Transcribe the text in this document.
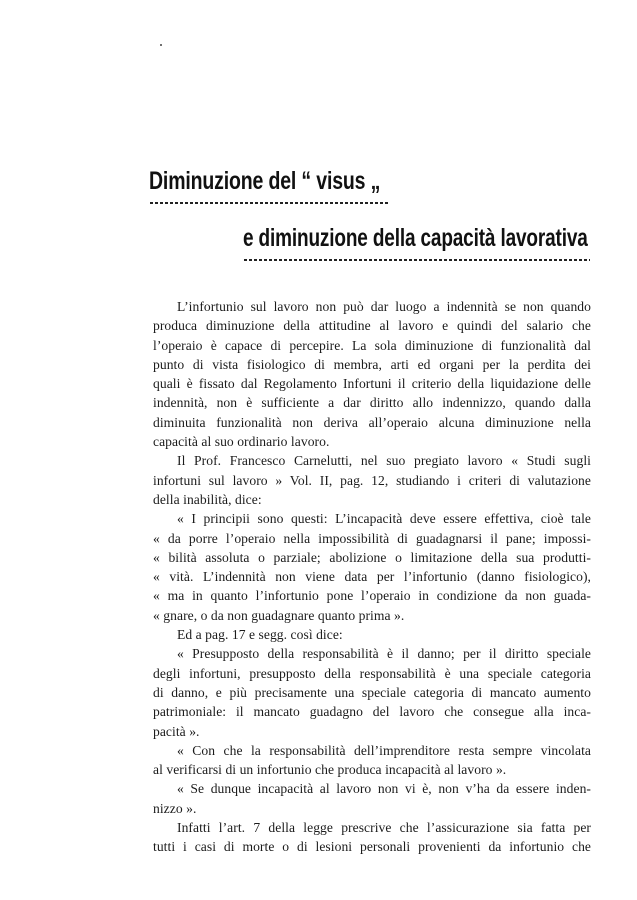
Diminuzione del “ visus „
e diminuzione della capacità lavorativa
L’infortunio sul lavoro non può dar luogo a indennità se non quando
produca diminuzione della attitudine al lavoro e quindi del salario che
l’operaio è capace di percepire. La sola diminuzione di funzionalità dal
punto di vista fisiologico di membra, arti ed organi per la perdita dei
quali è fissato dal Regolamento Infortuni il criterio della liquidazione delle
indennità, non è sufficiente a dar diritto allo indennizzo, quando dalla
diminuita funzionalità non deriva all’operaio alcuna diminuzione nella
capacità al suo ordinario lavoro.
Il Prof. Francesco Carnelutti, nel suo pregiato lavoro « Studi sugli
infortuni sul lavoro » Vol. II, pag. 12, studiando i criteri di valutazione
della inabilità, dice:
« I principii sono questi: L’incapacità deve essere effettiva, cioè tale
« da porre l’operaio nella impossibilità di guadagnarsi il pane; impossi-
« bilità assoluta o parziale; abolizione o limitazione della sua produtti-
« vità. L’indennità non viene data per l’infortunio (danno fisiologico),
« ma in quanto l’infortunio pone l’operaio in condizione da non guada-
« gnare, o da non guadagnare quanto prima ».
Ed a pag. 17 e segg. così dice:
« Presupposto della responsabilità è il danno; per il diritto speciale
degli infortuni, presupposto della responsabilità è una speciale categoria
di danno, e più precisamente una speciale categoria di mancato aumento
patrimoniale: il mancato guadagno del lavoro che consegue alla inca-
pacità ».
« Con che la responsabilità dell’imprenditore resta sempre vincolata
al verificarsi di un infortunio che produca incapacità al lavoro ».
« Se dunque incapacità al lavoro non vi è, non v’ha da essere inden-
nizzo ».
Infatti l’art. 7 della legge prescrive che l’assicurazione sia fatta per
tutti i casi di morte o di lesioni personali provenienti da infortunio che
